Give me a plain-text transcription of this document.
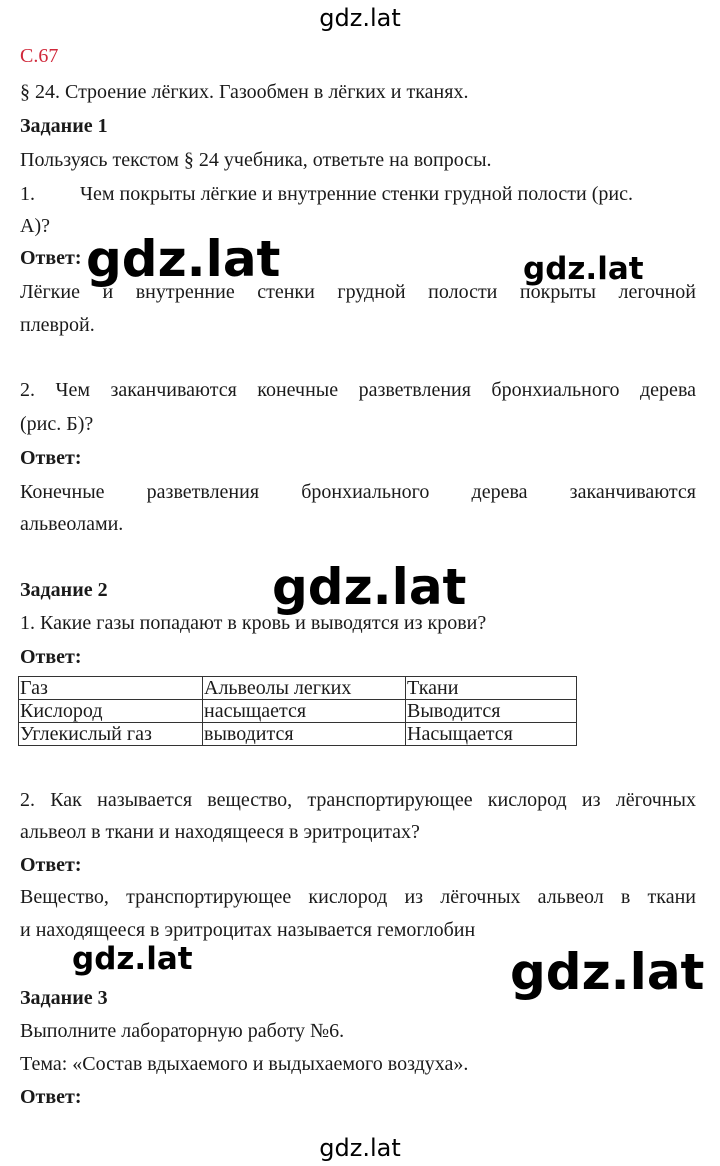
gdz.lat
С.67
§ 24. Строение лёгких. Газообмен в лёгких и тканях.
Задание 1
Пользуясь текстом § 24 учебника, ответьте на вопросы.
1. Чем покрыты лёгкие и внутренние стенки грудной полости (рис.
А)?
Ответ:
Лёгкие и внутренние стенки грудной полости покрыты легочной
плеврой.
2. Чем заканчиваются конечные разветвления бронхиального дерева
(рис. Б)?
Ответ:
Конечные разветвления бронхиального дерева заканчиваются
альвеолами.
Задание 2
1. Какие газы попадают в кровь и выводятся из крови?
Ответ:
Газ	Альвеолы легких	Ткани
Кислород	насыщается	Выводится
Углекислый газ	выводится	Насыщается
2. Как называется вещество, транспортирующее кислород из лёгочных
альвеол в ткани и находящееся в эритроцитах?
Ответ:
Вещество, транспортирующее кислород из лёгочных альвеол в ткани
и находящееся в эритроцитах называется гемоглобин
Задание 3
Выполните лабораторную работу №6.
Тема: «Состав вдыхаемого и выдыхаемого воздуха».
Ответ:
gdz.lat	gdz.lat
gdz.lat
gdz.lat	gdz.lat
gdz.lat
